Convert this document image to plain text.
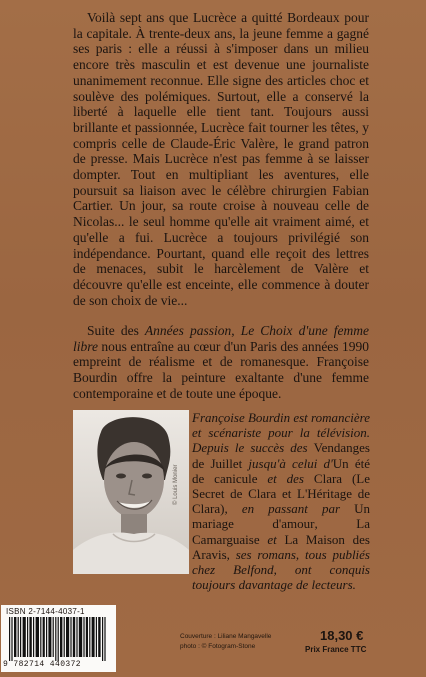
Voilà sept ans que Lucrèce a quitté Bordeaux pour la capitale. À trente-deux ans, la jeune femme a gagné ses paris : elle a réussi à s'imposer dans un milieu encore très masculin et est devenue une journaliste unanimement reconnue. Elle signe des articles choc et soulève des polémiques. Surtout, elle a conservé la liberté à laquelle elle tient tant. Toujours aussi brillante et passionnée, Lucrèce fait tourner les têtes, y compris celle de Claude-Éric Valère, le grand patron de presse. Mais Lucrèce n'est pas femme à se laisser dompter. Tout en multipliant les aventures, elle poursuit sa liaison avec le célèbre chirurgien Fabian Cartier. Un jour, sa route croise à nouveau celle de Nicolas... le seul homme qu'elle ait vraiment aimé, et qu'elle a fui. Lucrèce a toujours privilégié son indépendance. Pourtant, quand elle reçoit des lettres de menaces, subit le harcèlement de Valère et découvre qu'elle est enceinte, elle commence à douter de son choix de vie...

Suite des Années passion, Le Choix d'une femme libre nous entraîne au cœur d'un Paris des années 1990 empreint de réalisme et de romanesque. Françoise Bourdin offre la peinture exaltante d'une femme contemporaine et de toute une époque.

© Louis Monier

Françoise Bourdin est romancière et scénariste pour la télévision. Depuis le succès des Vendanges de Juillet jusqu'à celui d'Un été de canicule et des Clara (Le Secret de Clara et L'Héritage de Clara), en passant par Un mariage d'amour, La Camarguaise et La Maison des Aravis, ses romans, tous publiés chez Belfond, ont conquis toujours davantage de lecteurs.

ISBN 2-7144-4037-1
9 782714 440372
Couverture : Liliane Mangavelle
photo : © Fotogram-Stone
18,30 €
Prix France TTC
